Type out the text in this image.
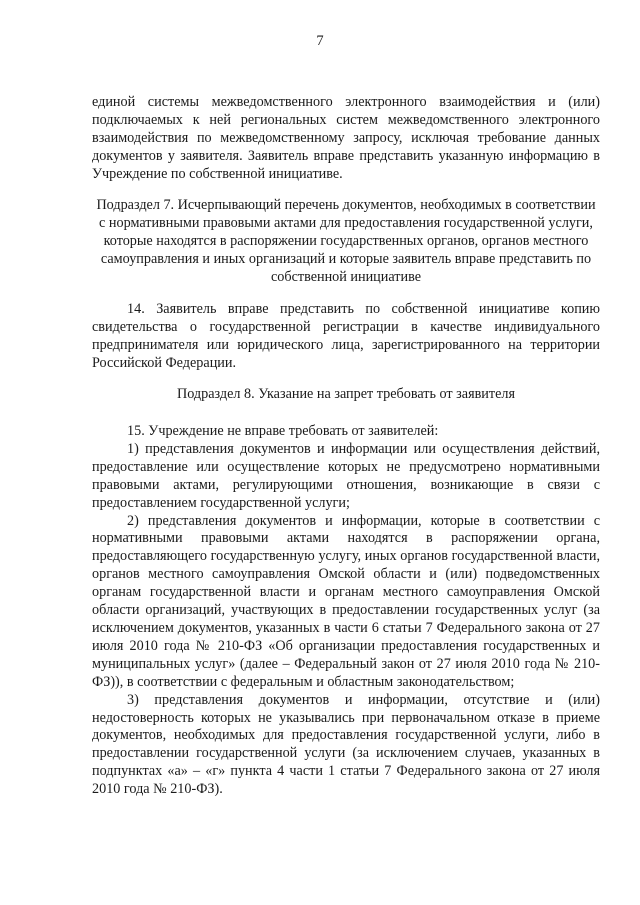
7

единой системы межведомственного электронного взаимодействия и (или) подключаемых к ней региональных систем межведомственного электронного взаимодействия по межведомственному запросу, исключая требование данных документов у заявителя. Заявитель вправе представить указанную информацию в Учреждение по собственной инициативе.

Подраздел 7. Исчерпывающий перечень документов, необходимых в соответствии с нормативными правовыми актами для предоставления государственной услуги, которые находятся в распоряжении государственных органов, органов местного самоуправления и иных организаций и которые заявитель вправе представить по собственной инициативе

14. Заявитель вправе представить по собственной инициативе копию свидетельства о государственной регистрации в качестве индивидуального предпринимателя или юридического лица, зарегистрированного на территории Российской Федерации.

Подраздел 8. Указание на запрет требовать от заявителя

15. Учреждение не вправе требовать от заявителей:

1) представления документов и информации или осуществления действий, предоставление или осуществление которых не предусмотрено нормативными правовыми актами, регулирующими отношения, возникающие в связи с предоставлением государственной услуги;

2) представления документов и информации, которые в соответствии с нормативными правовыми актами находятся в распоряжении органа, предоставляющего государственную услугу, иных органов государственной власти, органов местного самоуправления Омской области и (или) подведомственных органам государственной власти и органам местного самоуправления Омской области организаций, участвующих в предоставлении государственных услуг (за исключением документов, указанных в части 6 статьи 7 Федерального закона от 27 июля 2010 года № 210-ФЗ «Об организации предоставления государственных и муниципальных услуг» (далее – Федеральный закон от 27 июля 2010 года № 210-ФЗ)), в соответствии с федеральным и областным законодательством;

3) представления документов и информации, отсутствие и (или) недостоверность которых не указывались при первоначальном отказе в приеме документов, необходимых для предоставления государственной услуги, либо в предоставлении государственной услуги (за исключением случаев, указанных в подпунктах «а» – «г» пункта 4 части 1 статьи 7 Федерального закона от 27 июля 2010 года № 210-ФЗ).
